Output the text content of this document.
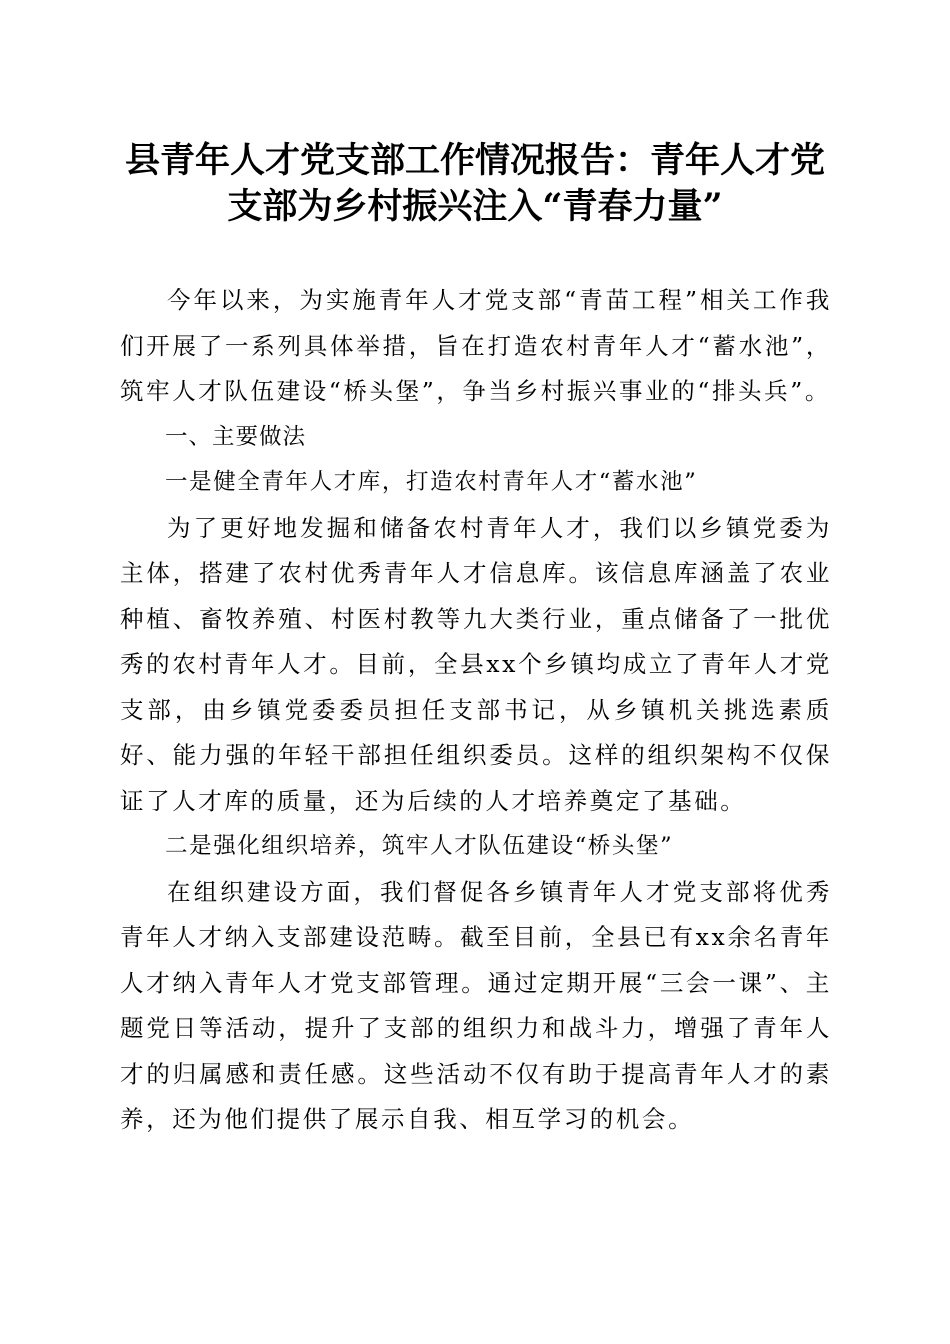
县青年人才党支部工作情况报告：青年人才党
支部为乡村振兴注入“青春力量”

今年以来，为实施青年人才党支部“青苗工程”相关工作我们开展了一系列具体举措，旨在打造农村青年人才“蓄水池”，筑牢人才队伍建设“桥头堡”，争当乡村振兴事业的“排头兵”。

一、主要做法

一是健全青年人才库，打造农村青年人才“蓄水池”

为了更好地发掘和储备农村青年人才，我们以乡镇党委为主体，搭建了农村优秀青年人才信息库。该信息库涵盖了农业种植、畜牧养殖、村医村教等九大类行业，重点储备了一批优秀的农村青年人才。目前，全县xx个乡镇均成立了青年人才党支部，由乡镇党委委员担任支部书记，从乡镇机关挑选素质好、能力强的年轻干部担任组织委员。这样的组织架构不仅保证了人才库的质量，还为后续的人才培养奠定了基础。

二是强化组织培养，筑牢人才队伍建设“桥头堡”

在组织建设方面，我们督促各乡镇青年人才党支部将优秀青年人才纳入支部建设范畴。截至目前，全县已有xx余名青年人才纳入青年人才党支部管理。通过定期开展“三会一课”、主题党日等活动，提升了支部的组织力和战斗力，增强了青年人才的归属感和责任感。这些活动不仅有助于提高青年人才的素养，还为他们提供了展示自我、相互学习的机会。
